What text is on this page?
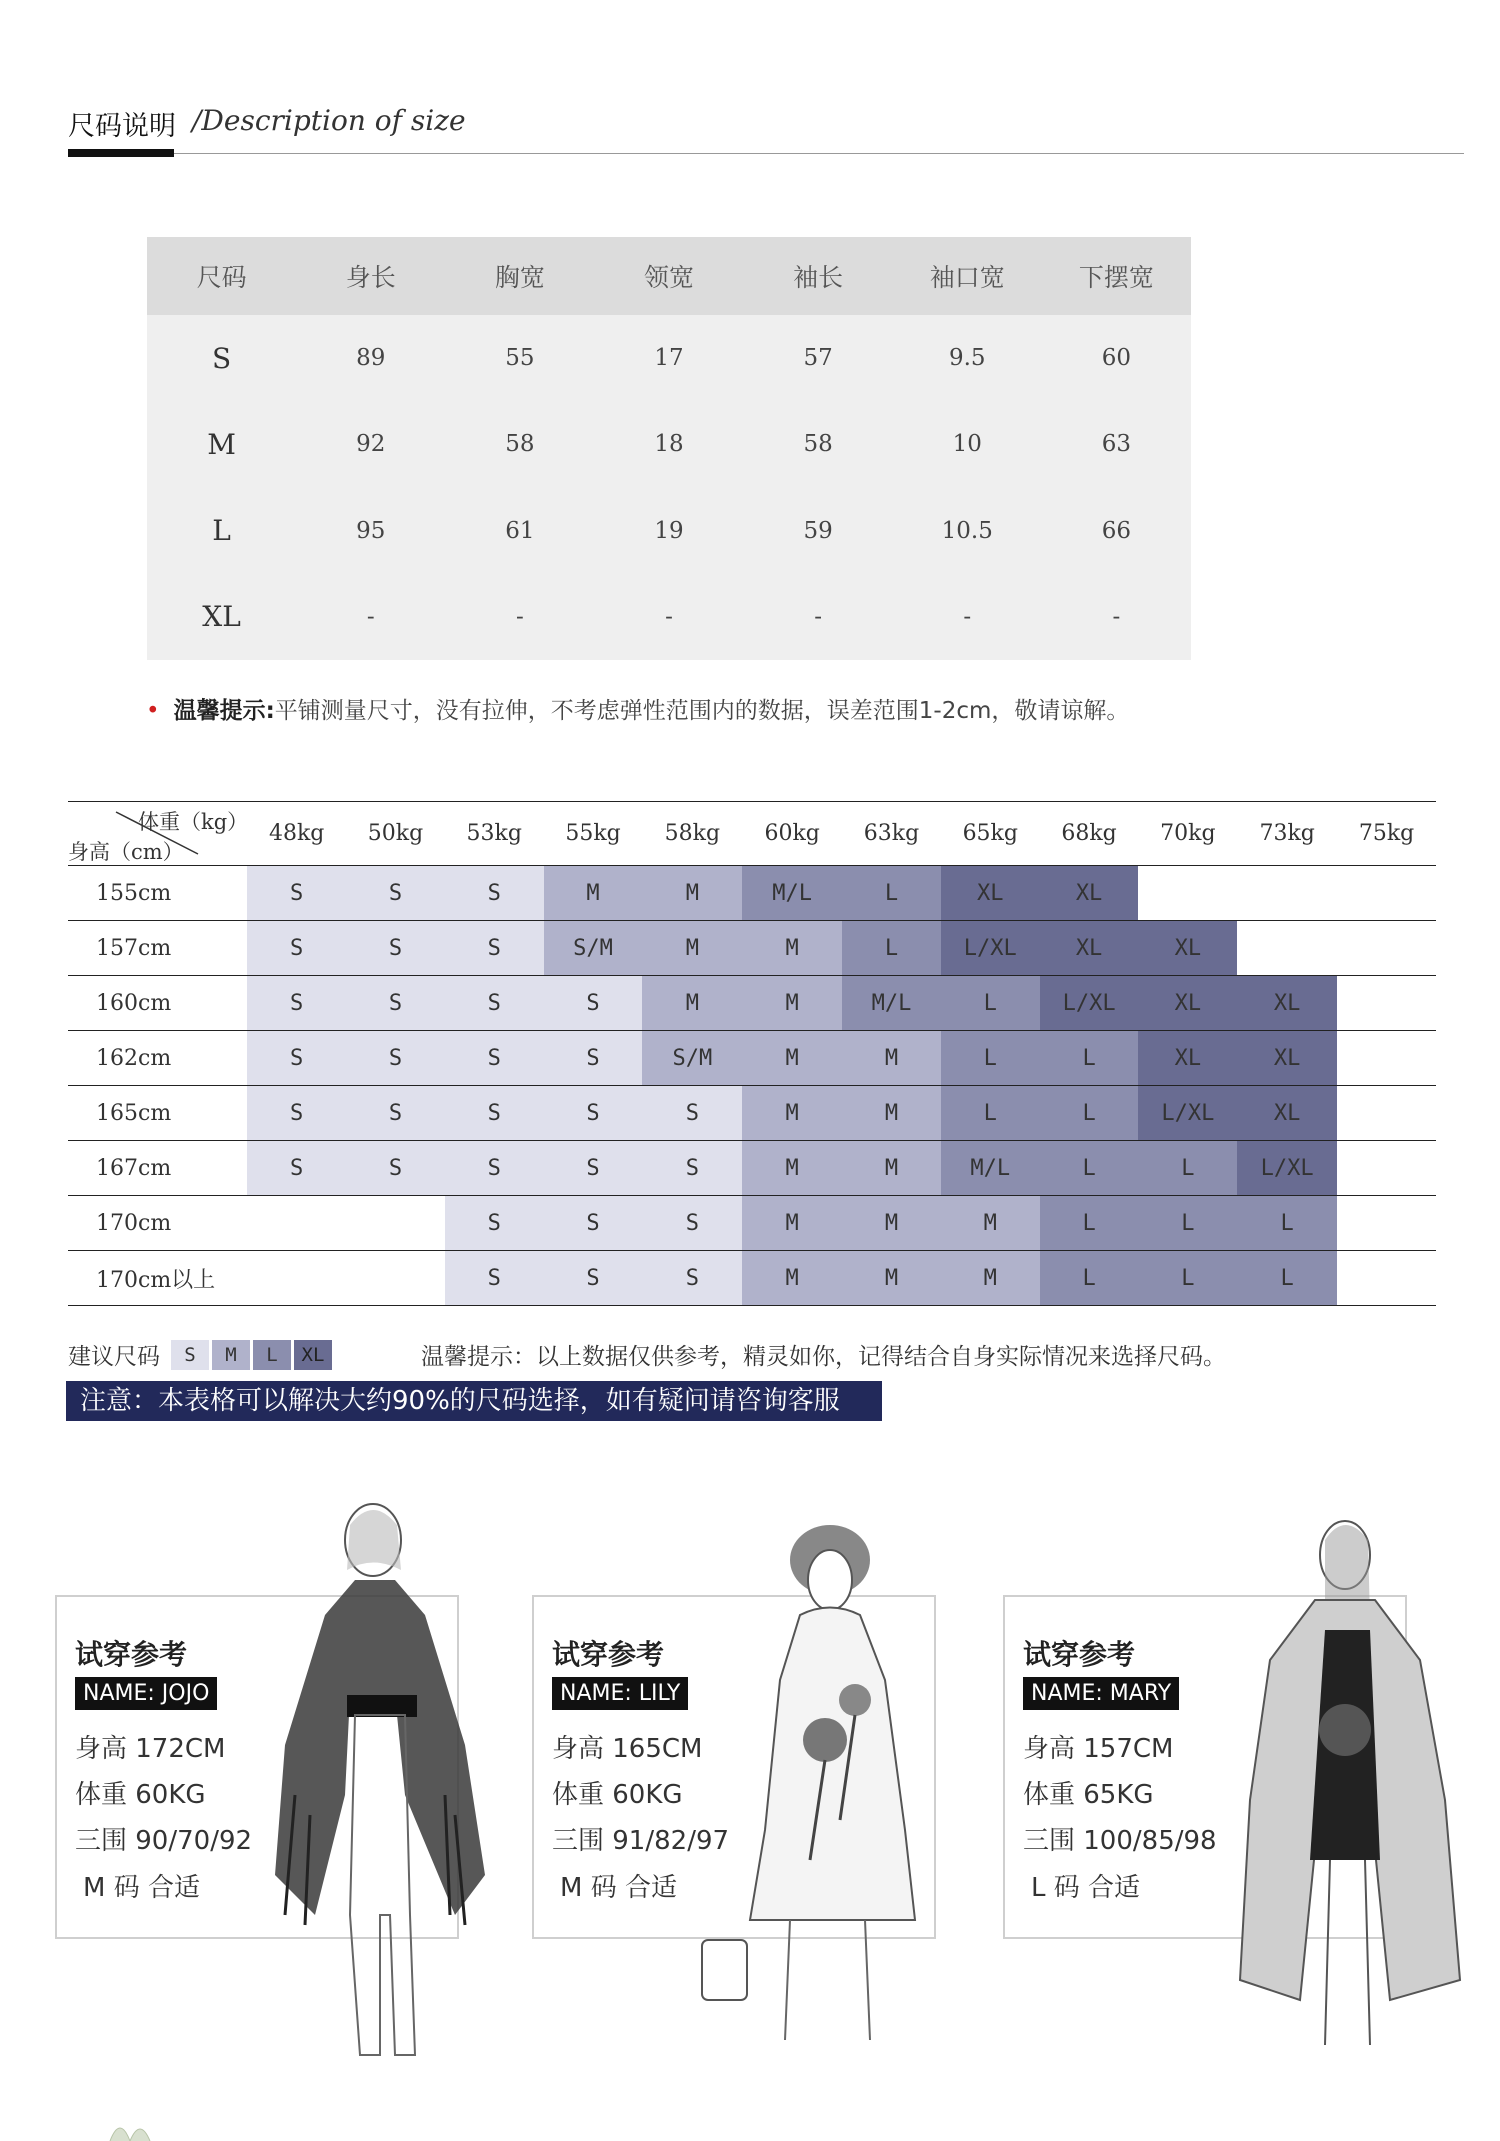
尺码说明 /Description of size
尺码	身长	胸宽	领宽	袖长	袖口宽	下摆宽
S	89	55	17	57	9.5	60
M	92	58	18	58	10	63
L	95	61	19	59	10.5	66
XL	-	-	-	-	-	-
• 温馨提示:平铺测量尺寸，没有拉伸，不考虑弹性范围内的数据，误差范围1-2cm，敬请谅解。
体重（kg）
身高（cm）	48kg	50kg	53kg	55kg	58kg	60kg	63kg	65kg	68kg	70kg	73kg	75kg
155cm	S	S	S	M	M	M/L	L	XL	XL			
157cm	S	S	S	S/M	M	M	L	L/XL	XL	XL		
160cm	S	S	S	S	M	M	M/L	L	L/XL	XL	XL	
162cm	S	S	S	S	S/M	M	M	L	L	XL	XL	
165cm	S	S	S	S	S	M	M	L	L	L/XL	XL	
167cm	S	S	S	S	S	M	M	M/L	L	L	L/XL	
170cm			S	S	S	M	M	M	L	L	L	
170cm以上			S	S	S	M	M	M	L	L	L	
建议尺码	S	M	L	XL	温馨提示：以上数据仅供参考，精灵如你，记得结合自身实际情况来选择尺码。
注意：本表格可以解决大约90%的尺码选择，如有疑问请咨询客服
试穿参考
NAME: JOJO
身高 172CM
体重 60KG
三围 90/70/92
M 码 合适
试穿参考
NAME: LILY
身高 165CM
体重 60KG
三围 91/82/97
M 码 合适
试穿参考
NAME: MARY
身高 157CM
体重 65KG
三围 100/85/98
L 码 合适
